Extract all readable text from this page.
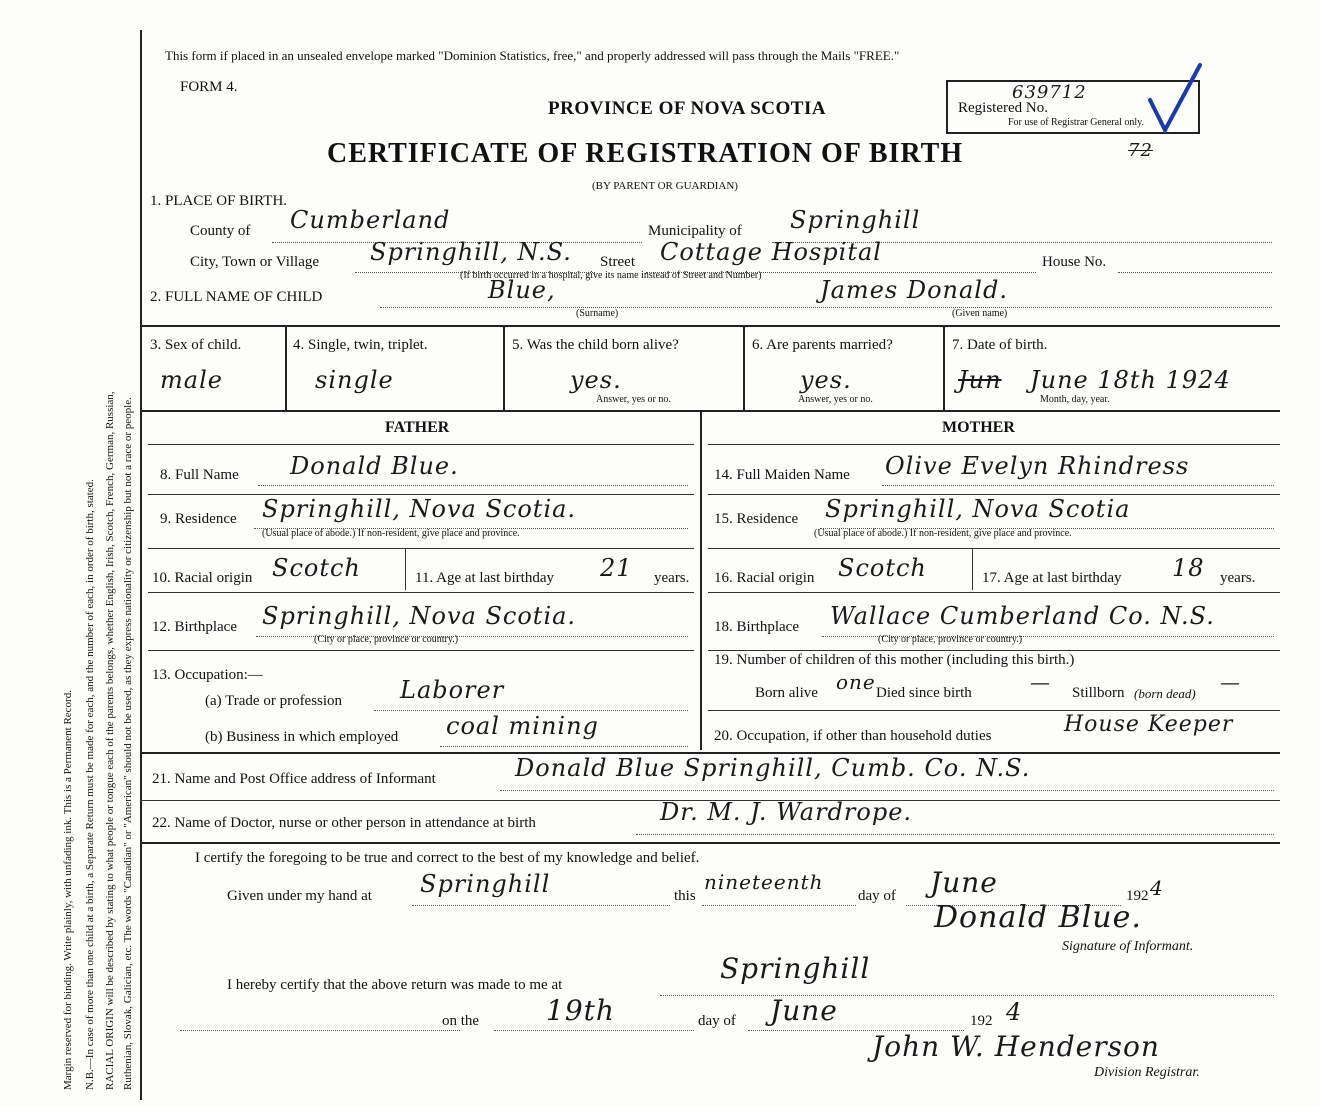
Margin reserved for binding. Write plainly, with unfading ink. This is a Permanent Record. N.B.—In case of more than one child at a birth, a Separate Return must be made for each, and the number of each, in order of birth, stated. RACIAL ORIGIN will be described by stating to what people or tongue each of the parents belongs, whether English, Irish, Scotch, French, German, Russian, Ruthenian, Slovak, Galician, etc. The words "Canadian" or "American" should not be used, as they express nationality or citizenship but not a race or people.
This form if placed in an unsealed envelope marked "Dominion Statistics, free," and properly addressed will pass through the Mails "FREE."
FORM 4.
PROVINCE OF NOVA SCOTIA
CERTIFICATE OF REGISTRATION OF BIRTH
(BY PARENT OR GUARDIAN)
Registered No.
639712
For use of Registrar General only.
72
1. PLACE OF BIRTH.
County of Cumberland	Municipality of Springhill
City, Town or Village Springhill, N.S. Street Cottage Hospital	House No.
(If birth occurred in a hospital, give its name instead of Street and Number)
2. FULL NAME OF CHILD	Blue,	James Donald.
(Surname)	(Given name)
3. Sex of child.
male
4. Single, twin, triplet.
single
5. Was the child born alive?
yes.
Answer, yes or no.
6. Are parents married?
yes.
Answer, yes or no.
7. Date of birth.
Jun June 18th 1924
Month, day, year.
FATHER	MOTHER
8. Full Name Donald Blue.
9. Residence Springhill, Nova Scotia.
(Usual place of abode.) If non-resident, give place and province.
10. Racial origin Scotch	11. Age at last birthday 21 years.
12. Birthplace Springhill, Nova Scotia.
(City or place, province or country.)
13. Occupation:—
(a) Trade or profession Laborer
(b) Business in which employed coal mining
14. Full Maiden Name Olive Evelyn Rhindress
15. Residence Springhill, Nova Scotia
(Usual place of abode.) If non-resident, give place and province.
16. Racial origin Scotch	17. Age at last birthday 18 years.
18. Birthplace Wallace Cumberland Co. N.S.
(City or place, province or country.)
19. Number of children of this mother (including this birth.)
Born alive one Died since birth	— Stillborn (born dead) —
20. Occupation, if other than household duties	House Keeper
21. Name and Post Office address of Informant	Donald Blue Springhill, Cumb. Co. N.S.
22. Name of Doctor, nurse or other person in attendance at birth	Dr. M. J. Wardrope.
I certify the foregoing to be true and correct to the best of my knowledge and belief.
Given under my hand at Springhill	this
nineteenth
day of June	192 4
Donald Blue.
Signature of Informant.
I hereby certify that the above return was made to me at	Springhill
on the 19th	day of June	192 4
John W. Henderson
Division Registrar.
